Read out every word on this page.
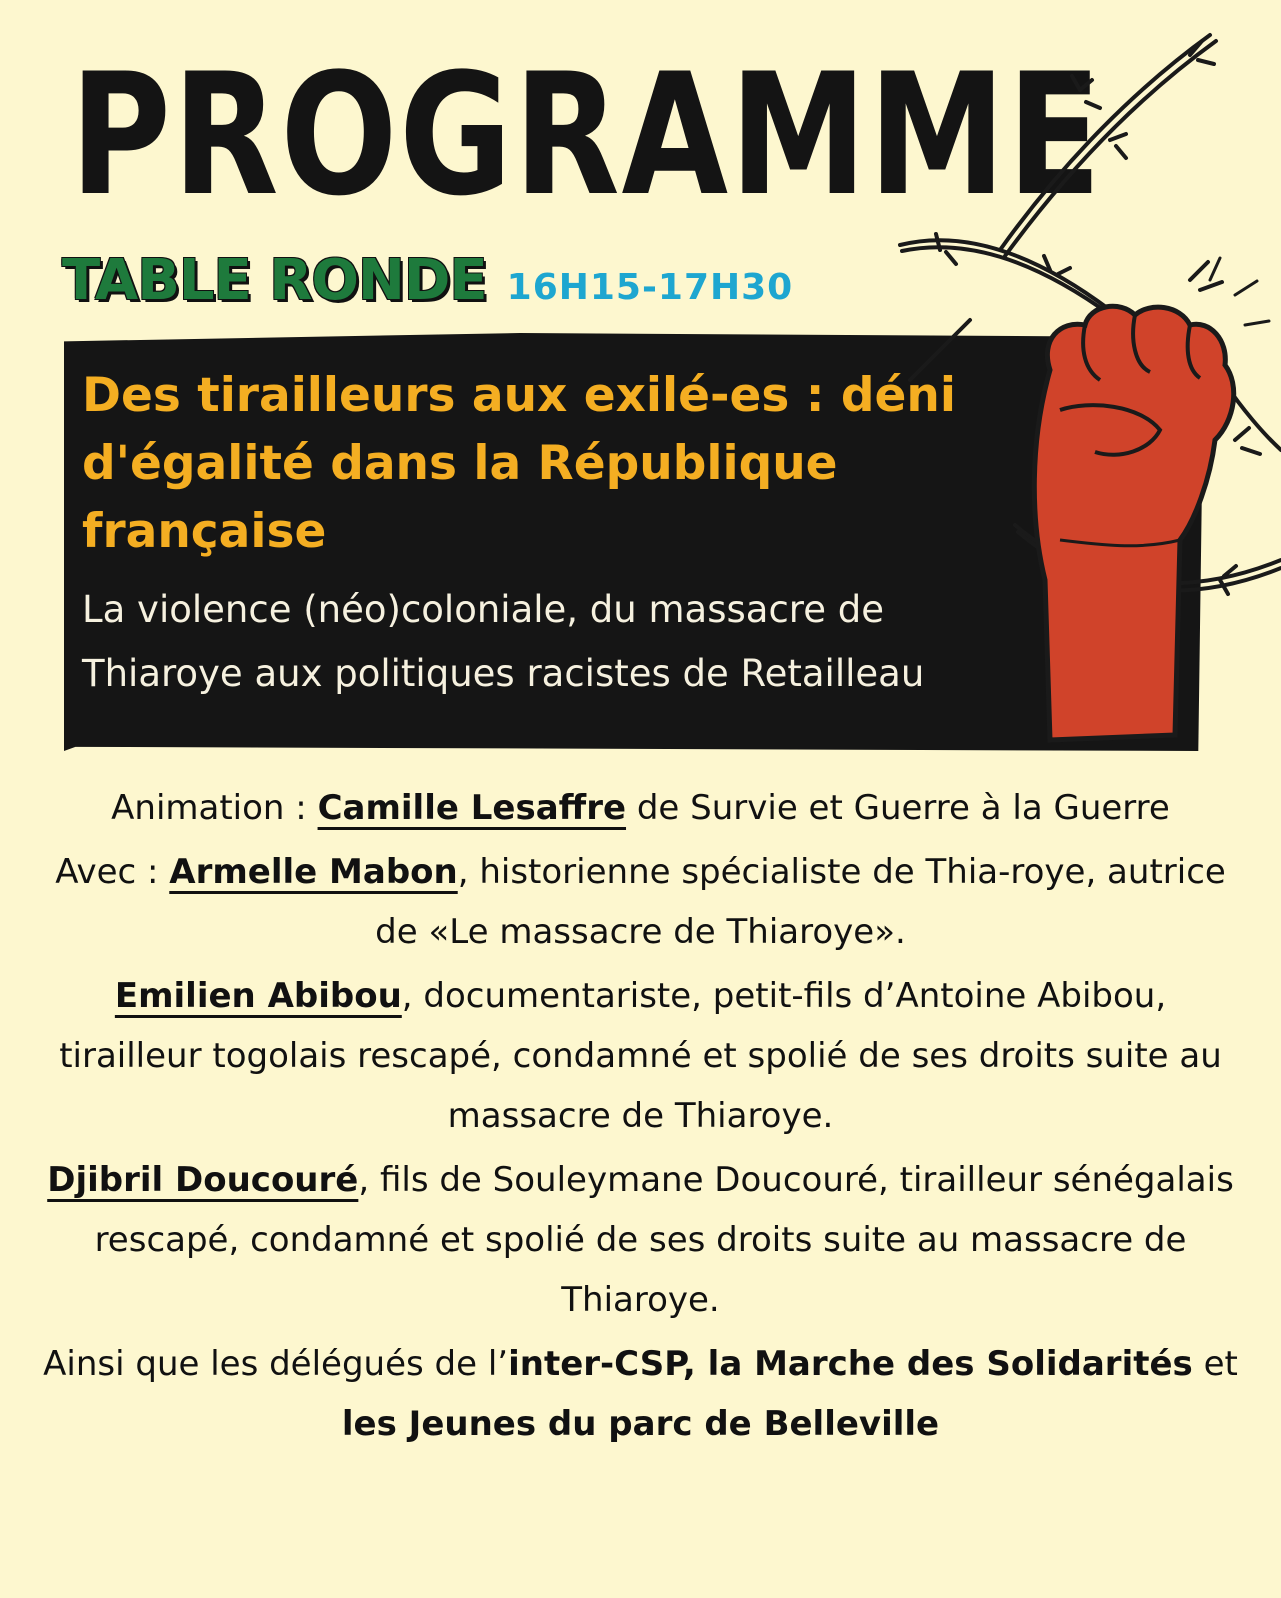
PROGRAMME
TABLE RONDE 16H15-17H30
Des tirailleurs aux exilé-es : déni d'égalité dans la République française
La violence (néo)coloniale, du massacre de Thiaroye aux politiques racistes de Retailleau

Animation : Camille Lesaffre de Survie et Guerre à la Guerre

Avec : Armelle Mabon, historienne spécialiste de Thia-roye, autrice de «Le massacre de Thiaroye».

Emilien Abibou, documentariste, petit-fils d’Antoine Abibou, tirailleur togolais rescapé, condamné et spolié de ses droits suite au massacre de Thiaroye.

Djibril Doucouré, fils de Souleymane Doucouré, tirailleur sénégalais rescapé, condamné et spolié de ses droits suite au massacre de Thiaroye.

Ainsi que les délégués de l’inter-CSP, la Marche des Solidarités et les Jeunes du parc de Belleville
